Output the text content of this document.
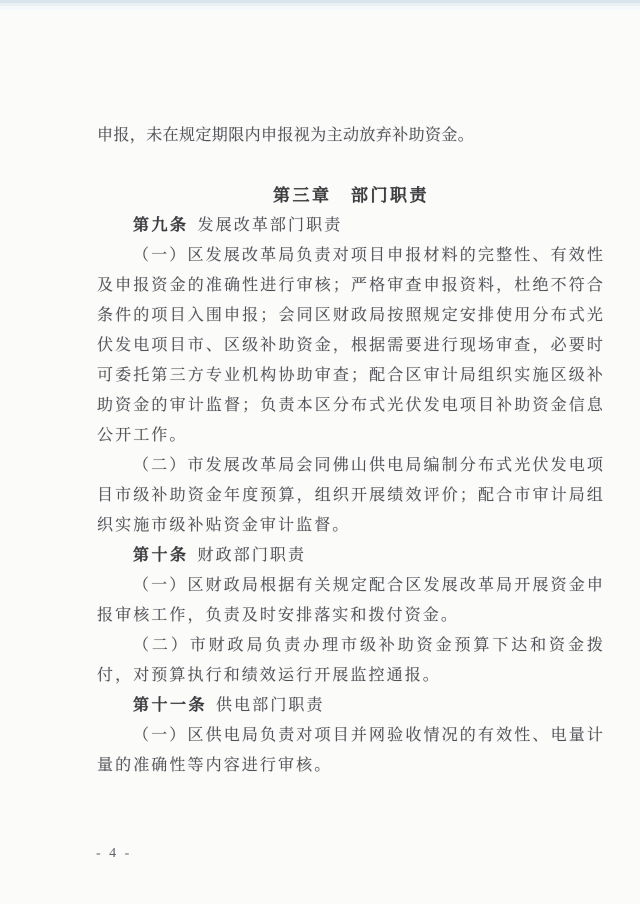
申报，未在规定期限内申报视为主动放弃补助资金。
第三章　部门职责
第九条 发展改革部门职责
（一）区发展改革局负责对项目申报材料的完整性、有效性及申报资金的准确性进行审核；严格审查申报资料，杜绝不符合条件的项目入围申报；会同区财政局按照规定安排使用分布式光伏发电项目市、区级补助资金，根据需要进行现场审查，必要时可委托第三方专业机构协助审查；配合区审计局组织实施区级补助资金的审计监督；负责本区分布式光伏发电项目补助资金信息公开工作。
（二）市发展改革局会同佛山供电局编制分布式光伏发电项目市级补助资金年度预算，组织开展绩效评价；配合市审计局组织实施市级补贴资金审计监督。
第十条 财政部门职责
（一）区财政局根据有关规定配合区发展改革局开展资金申报审核工作，负责及时安排落实和拨付资金。
（二）市财政局负责办理市级补助资金预算下达和资金拨付，对预算执行和绩效运行开展监控通报。
第十一条 供电部门职责
（一）区供电局负责对项目并网验收情况的有效性、电量计量的准确性等内容进行审核。
- 4 -
